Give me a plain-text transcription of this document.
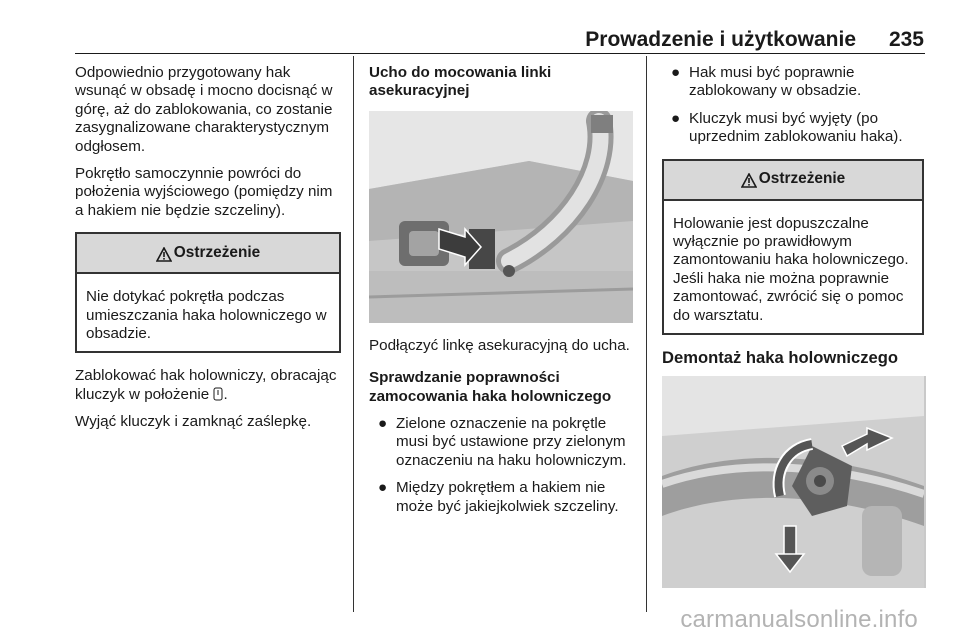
Prowadzenie i użytkowanie 235

Odpowiednio przygotowany hak wsunąć w obsadę i mocno docisnąć w górę, aż do zablokowania, co zostanie zasygnalizowane charakterystycznym odgłosem.

Pokrętło samoczynnie powróci do położenia wyjściowego (pomiędzy nim a hakiem nie będzie szczeliny).

Ostrzeżenie
Nie dotykać pokrętła podczas umieszczania haka holowniczego w obsadzie.

Zablokować hak holowniczy, obracając kluczyk w położenie .

Wyjąć kluczyk i zamknąć zaślepkę.

Ucho do mocowania linki asekuracyjnej

Podłączyć linkę asekuracyjną do ucha.

Sprawdzanie poprawności zamocowania haka holowniczego

● Zielone oznaczenie na pokrętle musi być ustawione przy zielonym oznaczeniu na haku holowniczym.
● Między pokrętłem a hakiem nie może być jakiejkolwiek szczeliny.
● Hak musi być poprawnie zablokowany w obsadzie.
● Kluczyk musi być wyjęty (po uprzednim zablokowaniu haka).
Ostrzeżenie
Holowanie jest dopuszczalne wyłącznie po prawidłowym zamontowaniu haka holowniczego. Jeśli haka nie można poprawnie zamontować, zwrócić się o pomoc do warsztatu.

Demontaż haka holowniczego

carmanualsonline.info
